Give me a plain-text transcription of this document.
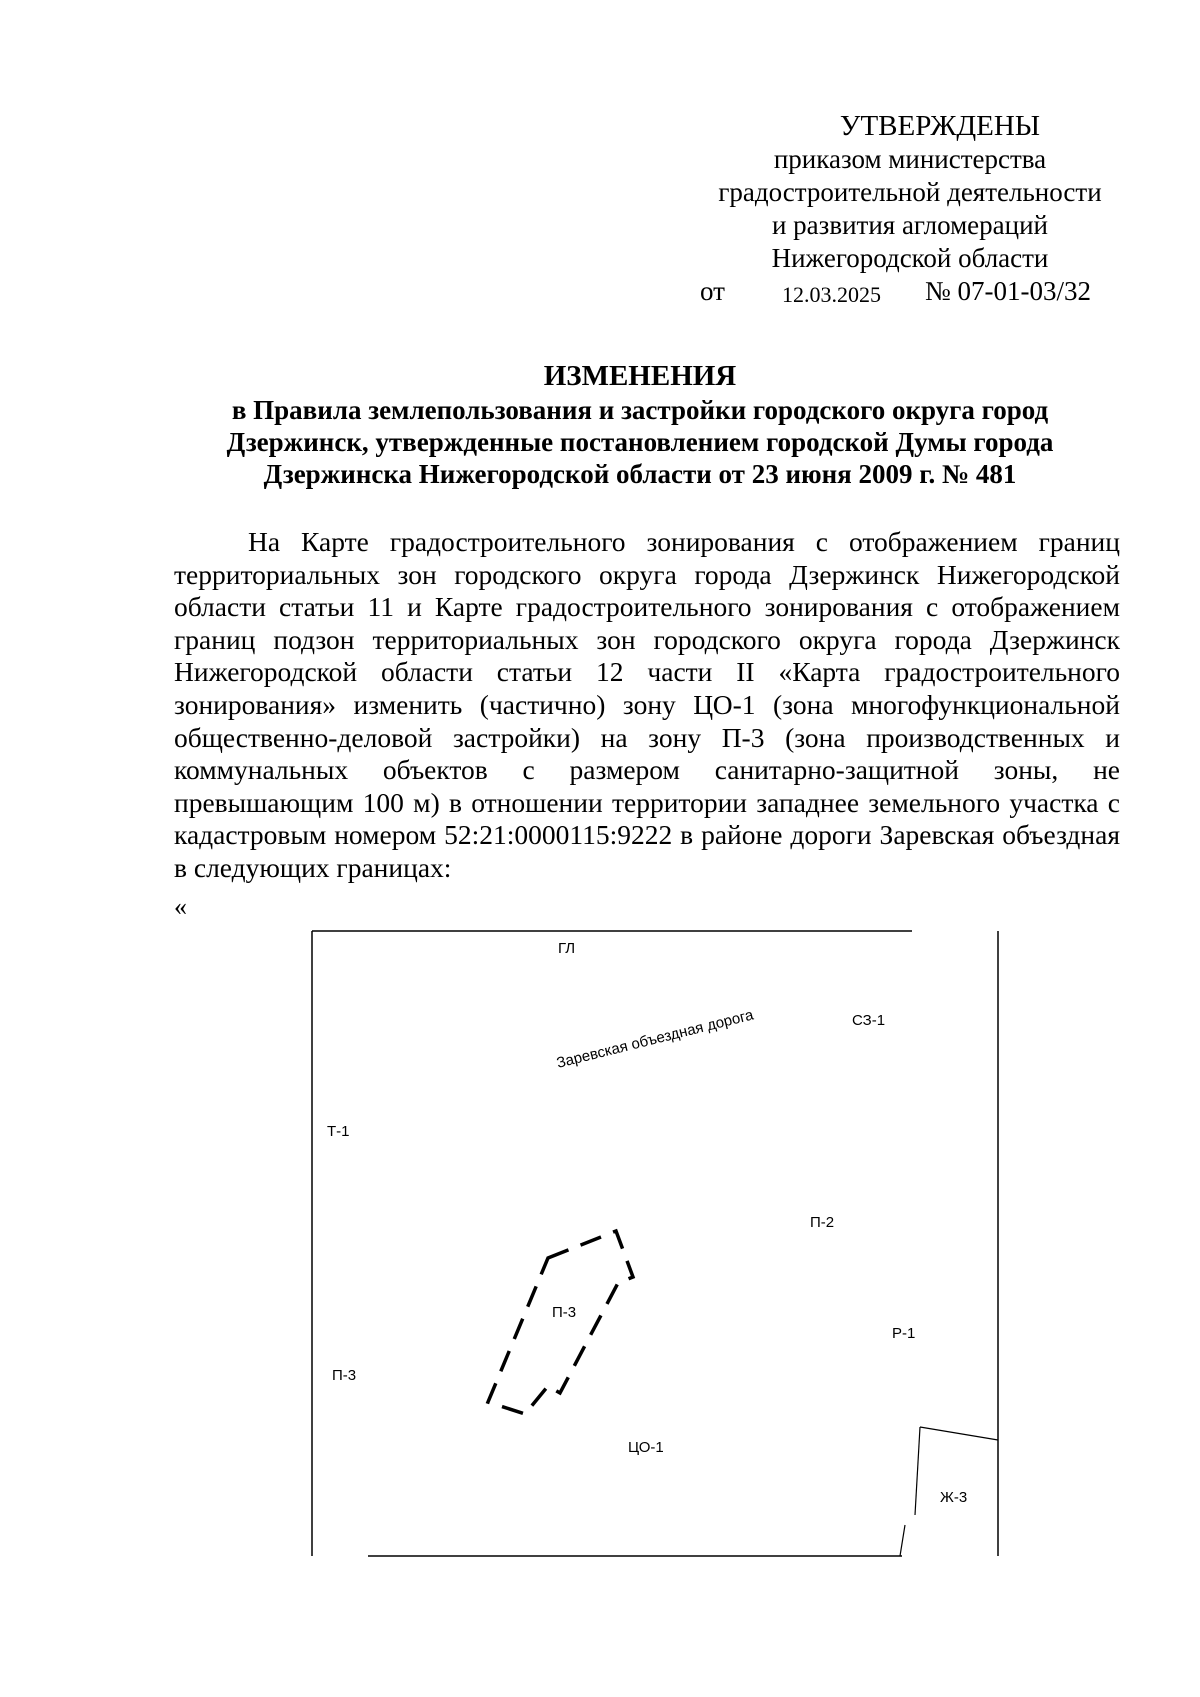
УТВЕРЖДЕНЫ
приказом министерства
градостроительной деятельности
и развития агломераций
Нижегородской области
от	12.03.2025 № 07-01-03/32
ИЗМЕНЕНИЯ
в Правила землепользования и застройки городского округа город
Дзержинск, утвержденные постановлением городской Думы города
Дзержинска Нижегородской области от 23 июня 2009 г. № 481
На Карте градостроительного зонирования с отображением границ территориальных зон городского округа города Дзержинск Нижегородской области статьи 11 и Карте градостроительного зонирования с отображением границ подзон территориальных зон городского округа города Дзержинск Нижегородской области статьи 12 части II «Карта градостроительного зонирования» изменить (частично) зону ЦО-1 (зона многофункциональной общественно-деловой застройки) на зону П-3 (зона производственных и коммунальных объектов с размером санитарно-защитной зоны, не превышающим 100 м) в отношении территории западнее земельного участка с кадастровым номером 52:21:0000115:9222 в районе дороги Заревская объездная в следующих границах:
«
ГЛ
СЗ-1
Заревская объездная дорога
Т-1
П-2
П-3
Р-1
П-3
ЦО-1
Ж-3
